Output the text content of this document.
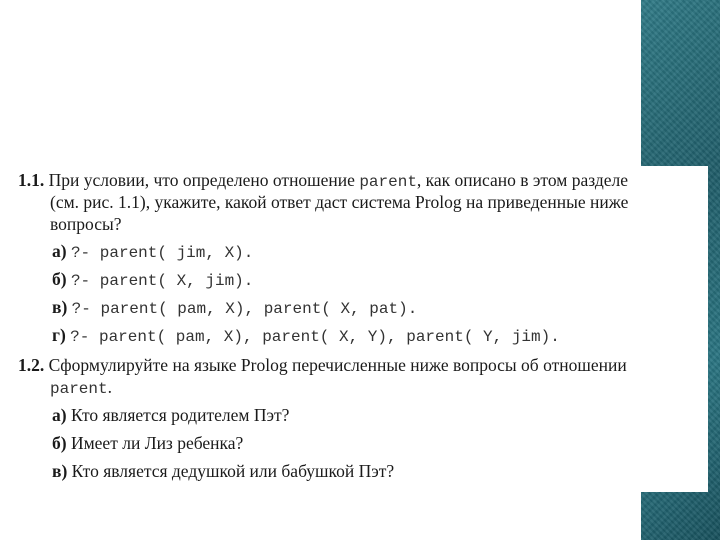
1.1. При условии, что определено отношение parent, как описано в этом разделе
(см. рис. 1.1), укажите, какой ответ даст система Prolog на приведенные ниже
вопросы?
а) ?- parent( jim, X).
б) ?- parent( X, jim).
в) ?- parent( pam, X), parent( X, pat).
г) ?- parent( pam, X), parent( X, Y), parent( Y, jim).
1.2. Сформулируйте на языке Prolog перечисленные ниже вопросы об отношении
parent.
а) Кто является родителем Пэт?
б) Имеет ли Лиз ребенка?
в) Кто является дедушкой или бабушкой Пэт?
